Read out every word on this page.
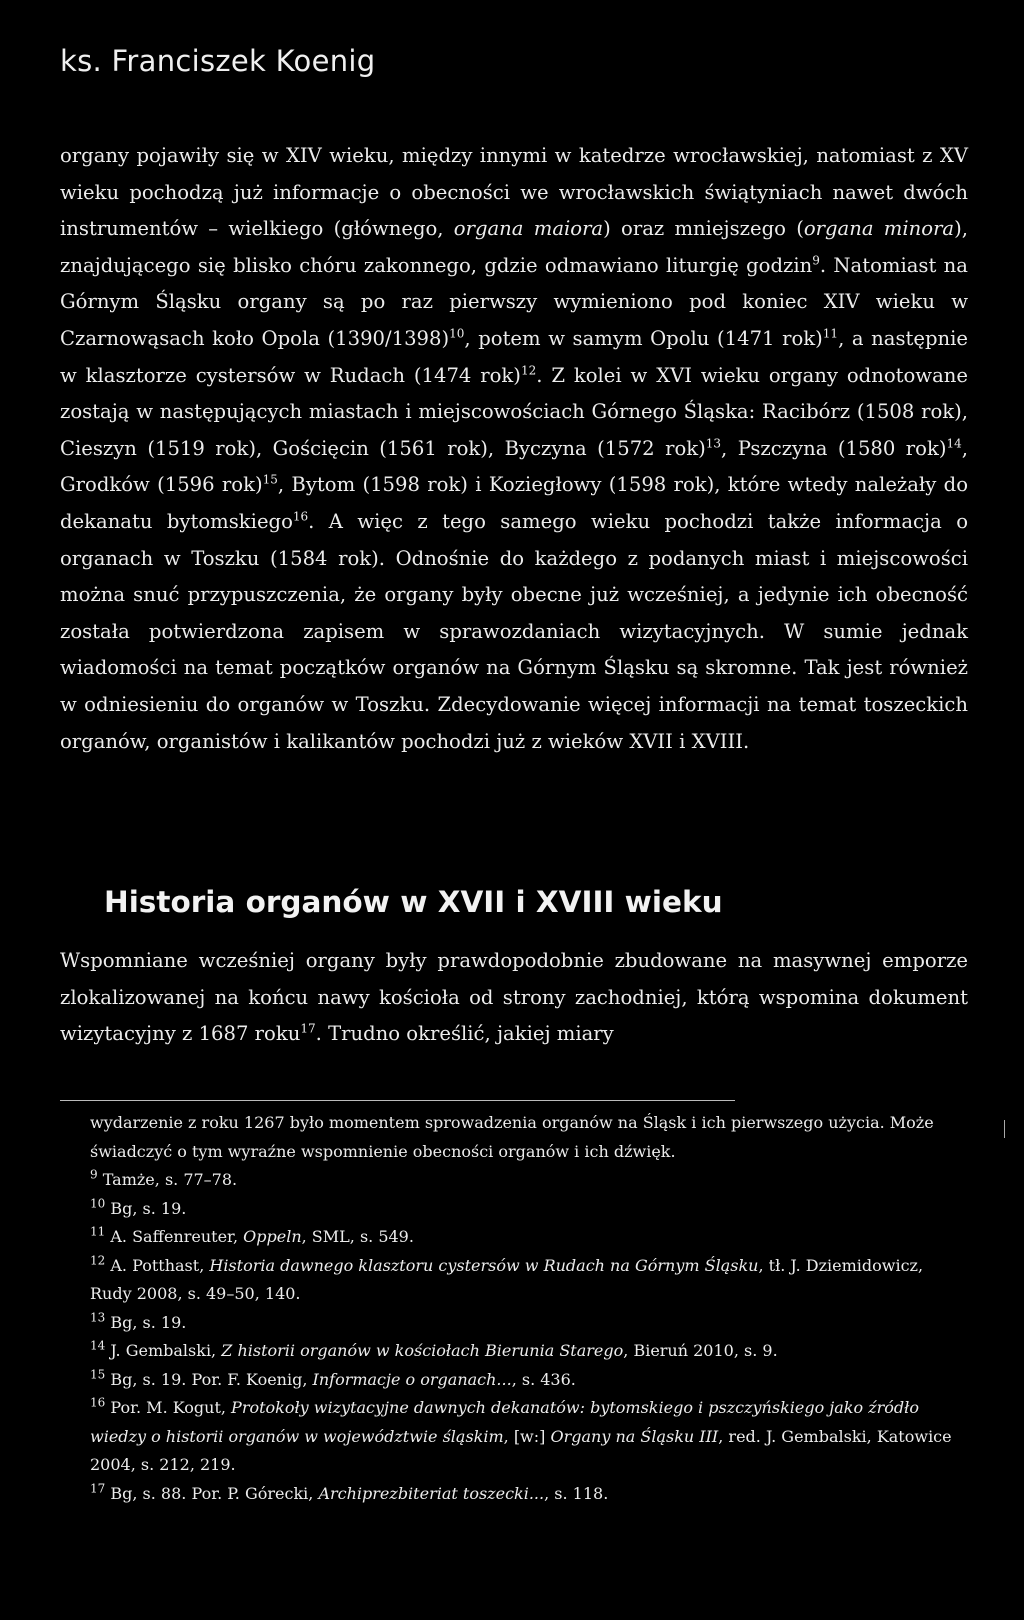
ks. Franciszek Koenig

organy pojawiły się w XIV wieku, między innymi w katedrze wrocławskiej, natomiast z XV wieku pochodzą już informacje o obecności we wrocławskich świątyniach nawet dwóch instrumentów – wielkiego (głównego, organa maiora) oraz mniejszego (organa minora), znajdującego się blisko chóru zakonnego, gdzie odmawiano liturgię godzin$^9$. Natomiast na Górnym Śląsku organy są po raz pierwszy wymieniono pod koniec XIV wieku w Czarnowąsach koło Opola $(1390/1398)^{10}$, potem w samym Opolu (1471 rok)$^{11}$, a następnie w klasztorze cystersów w Rudach (1474 rok)$^{12}$. Z kolei w XVI wieku organy odnotowane zostają w następujących miastach i miejscowościach Górnego Śląska: Racibórz (1508 rok), Cieszyn (1519 rok), Gościęcin (1561 rok), Byczyna (1572 rok)$^{13}$, Pszczyna (1580 rok)$^{14}$, Grodków (1596 rok)$^{15}$, Bytom (1598 rok) i Koziegłowy (1598 rok), które wtedy należały do dekanatu bytomskiego$^{16}$. A więc z tego samego wieku pochodzi także informacja o organach w Toszku (1584 rok). Odnośnie do każdego z podanych miast i miejscowości można snuć przypuszczenia, że organy były obecne już wcześniej, a jedynie ich obecność została potwierdzona zapisem w sprawozdaniach wizytacyjnych. W sumie jednak wiadomości na temat początków organów na Górnym Śląsku są skromne. Tak jest również w odniesieniu do organów w Toszku. Zdecydowanie więcej informacji na temat toszeckich organów, organistów i kalikantów pochodzi już z wieków XVII i XVIII.

Historia organów w XVII i XVIII wieku

Wspomniane wcześniej organy były prawdopodobnie zbudowane na masywnej emporze zlokalizowanej na końcu nawy kościoła od strony zachodniej, którą wspomina dokument wizytacyjny z 1687 roku$^{17}$. Trudno określić, jakiej miary

wydarzenie z roku 1267 było momentem sprowadzenia organów na Śląsk i ich pierwszego użycia. Może świadczyć o tym wyraźne wspomnienie obecności organów i ich dźwięk.

$^9$ Tamże, s. 77–78.

$^{10}$ Bg, s. 19.

$^{11}$ A. Saffenreuter, Oppeln, SML, s. 549.

$^{12}$ A. Potthast, Historia dawnego klasztoru cystersów w Rudach na Górnym Śląsku, tł. J. Dziemidowicz, Rudy 2008, s. 49–50, 140.

$^{13}$ Bg, s. 19.

$^{14}$ J. Gembalski, Z historii organów w kościołach Bierunia Starego, Bieruń 2010, s. 9.

$^{15}$ Bg, s. 19. Por. F. Koenig, Informacje o organach..., s. 436.

$^{16}$ Por. M. Kogut, Protokoły wizytacyjne dawnych dekanatów: bytomskiego i pszczyńskiego jako źródło wiedzy o historii organów w województwie śląskim, [w:] Organy na Śląsku III, red. J. Gembalski, Katowice 2004, s. 212, 219.

$^{17}$ Bg, s. 88. Por. P. Górecki, Archiprezbiteriat toszecki..., s. 118.
